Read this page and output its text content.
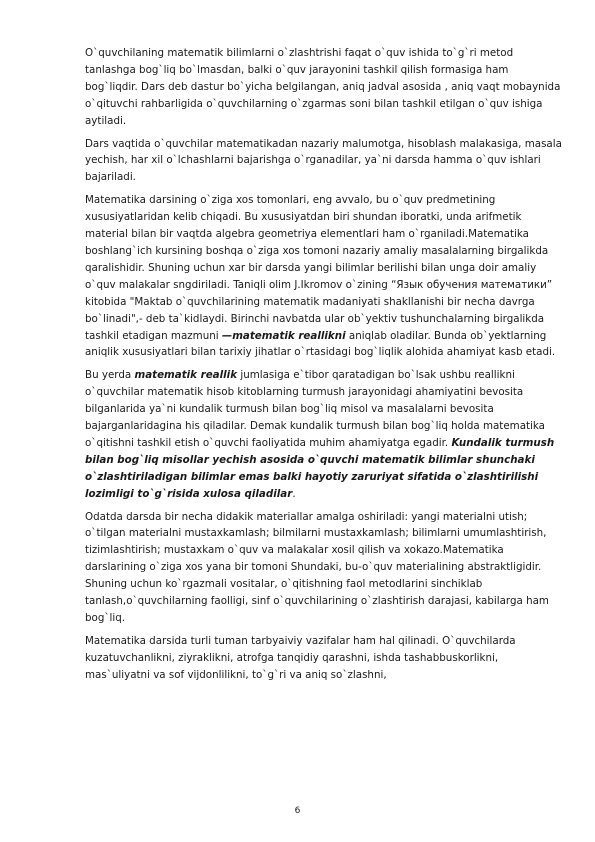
O`quvchilaning matematik bilimlarni o`zlashtrishi faqat o`quv ishida to`g`ri metod tanlashga bog`liq bo`lmasdan, balki o`quv jarayonini tashkil qilish formasiga ham bog`liqdir. Dars deb dastur bo`yicha belgilangan, aniq jadval asosida , aniq vaqt mobaynida o`qituvchi rahbarligida o`quvchilarning o`zgarmas soni bilan tashkil etilgan o`quv ishiga aytiladi.

Dars vaqtida o`quvchilar matematikadan nazariy malumotga, hisoblash malakasiga, masala yechish, har xil o`lchashlarni bajarishga o`rganadilar, ya`ni darsda hamma o`quv ishlari bajariladi.

Matematika darsining o`ziga xos tomonlari, eng avvalo, bu o`quv predmetining xususiyatlaridan kelib chiqadi. Bu xususiyatdan biri shundan iboratki, unda arifmetik material bilan bir vaqtda algebra geometriya elementlari ham o`rganiladi.Matematika boshlang`ich kursining boshqa o`ziga xos tomoni nazariy amaliy masalalarning birgalikda qaralishidir. Shuning uchun xar bir darsda yangi bilimlar berilishi bilan unga doir amaliy o`quv malakalar sngdiriladi. Taniqli olim J.Ikromov o`zining “Язык обучения математики” kitobida "Maktab o`quvchilarining matematik madaniyati shakllanishi bir necha davrga bo`linadi",- deb ta`kidlaydi. Birinchi navbatda ular ob`yektiv tushunchalarning birgalikda tashkil etadigan mazmuni —matematik reallikni aniqlab oladilar. Bunda ob`yektlarning aniqlik xususiyatlari bilan tarixiy jihatlar o`rtasidagi bog`liqlik alohida ahamiyat kasb etadi.

Bu yerda matematik reallik jumlasiga e`tibor qaratadigan bo`lsak ushbu reallikni o`quvchilar matematik hisob kitoblarning turmush jarayonidagi ahamiyatini bevosita bilganlarida ya`ni kundalik turmush bilan bog`liq misol va masalalarni bevosita bajarganlaridagina his qiladilar. Demak kundalik turmush bilan bog`liq holda matematika o`qitishni tashkil etish o`quvchi faoliyatida muhim ahamiyatga egadir. Kundalik turmush bilan bog`liq misollar yechish asosida o`quvchi matematik bilimlar shunchaki o`zlashtiriladigan bilimlar emas balki hayotiy zaruriyat sifatida o`zlashtirilishi lozimligi to`g`risida xulosa qiladilar.

Odatda darsda bir necha didakik materiallar amalga oshiriladi: yangi materialni utish; o`tilgan materialni mustaxkamlash; bilmilarni mustaxkamlash; bilimlarni umumlashtirish, tizimlashtirish; mustaxkam o`quv va malakalar xosil qilish va xokazo.Matematika darslarining o`ziga xos yana bir tomoni Shundaki, bu-o`quv materialining abstraktligidir. Shuning uchun ko`rgazmali vositalar, o`qitishning faol metodlarini sinchiklab tanlash,o`quvchilarning faolligi, sinf o`quvchilarining o`zlashtirish darajasi, kabilarga ham bog`liq.

Matematika darsida turli tuman tarbyaiviy vazifalar ham hal qilinadi. O`quvchilarda kuzatuvchanlikni, ziyraklikni, atrofga tanqidiy qarashni, ishda tashabbuskorlikni, mas`uliyatni va sof vijdonlilikni, to`g`ri va aniq so`zlashni,

6
